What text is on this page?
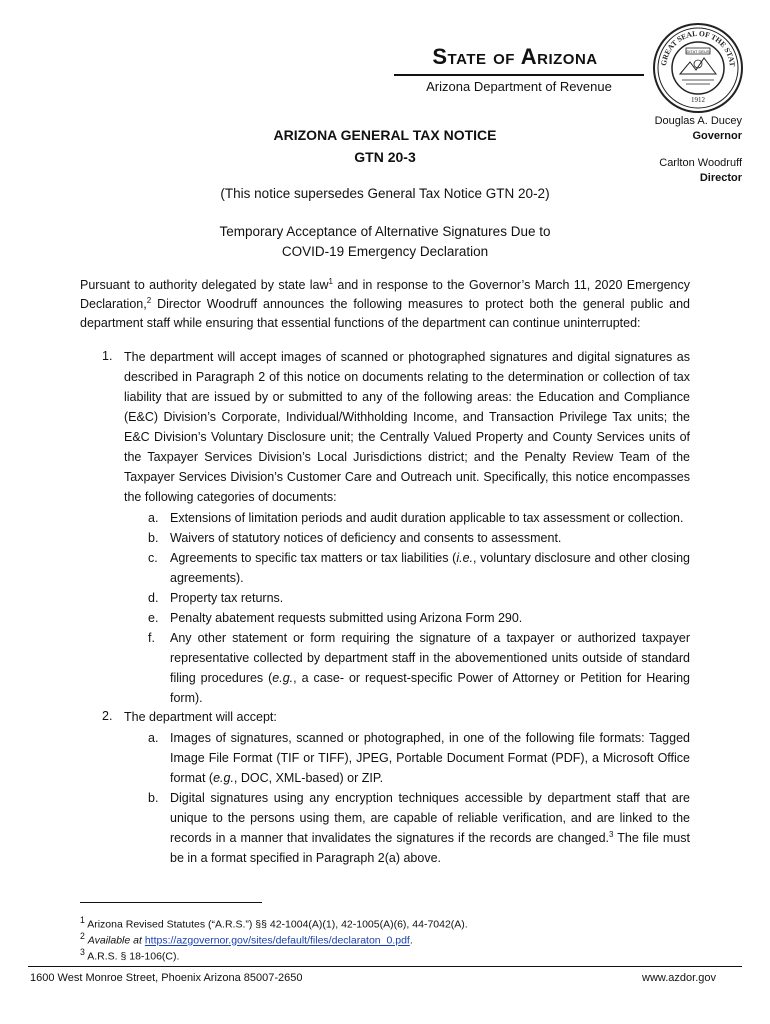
State of Arizona
Arizona Department of Revenue
GREAT SEAL OF THE STAT
DITAT DEUS
1912
Douglas A. Ducey
Governor
Carlton Woodruff
Director
ARIZONA GENERAL TAX NOTICE
GTN 20-3
(This notice supersedes General Tax Notice GTN 20-2)
Temporary Acceptance of Alternative Signatures Due to
COVID-19 Emergency Declaration
Pursuant to authority delegated by state law$^1$ and in response to the Governor’s March 11, 2020 Emergency Declaration,$^2$ Director Woodruff announces the following measures to protect both the general public and department staff while ensuring that essential functions of the department can continue uninterrupted:
1. The department will accept images of scanned or photographed signatures and digital signatures as described in Paragraph 2 of this notice on documents relating to the determination or collection of tax liability that are issued by or submitted to any of the following areas: the Education and Compliance (E&C) Division’s Corporate, Individual/Withholding Income, and Transaction Privilege Tax units; the E&C Division’s Voluntary Disclosure unit; the Centrally Valued Property and County Services units of the Taxpayer Services Division’s Local Jurisdictions district; and the Penalty Review Team of the Taxpayer Services Division’s Customer Care and Outreach unit. Specifically, this notice encompasses the following categories of documents:
a. Extensions of limitation periods and audit duration applicable to tax assessment or collection.
b. Waivers of statutory notices of deficiency and consents to assessment.
c. Agreements to specific tax matters or tax liabilities (i.e., voluntary disclosure and other closing agreements).
d. Property tax returns.
e. Penalty abatement requests submitted using Arizona Form 290.
f. Any other statement or form requiring the signature of a taxpayer or authorized taxpayer representative collected by department staff in the abovementioned units outside of standard filing procedures (e.g., a case- or request-specific Power of Attorney or Petition for Hearing form).
2. The department will accept:
a. Images of signatures, scanned or photographed, in one of the following file formats: Tagged Image File Format (TIF or TIFF), JPEG, Portable Document Format (PDF), a Microsoft Office format (e.g., DOC, XML-based) or ZIP.
b. Digital signatures using any encryption techniques accessible by department staff that are unique to the persons using them, are capable of reliable verification, and are linked to the records in a manner that invalidates the signatures if the records are changed.$^3$ The file must be in a format specified in Paragraph 2(a) above.
$^1$ Arizona Revised Statutes (“A.R.S.”) §§ 42-1004(A)(1), 42-1005(A)(6), 44-7042(A).
$^2$ Available at https://azgovernor.gov/sites/default/files/declaraton_0.pdf.
$^3$ A.R.S. § 18-106(C).
1600 West Monroe Street, Phoenix Arizona 85007-2650	www.azdor.gov
